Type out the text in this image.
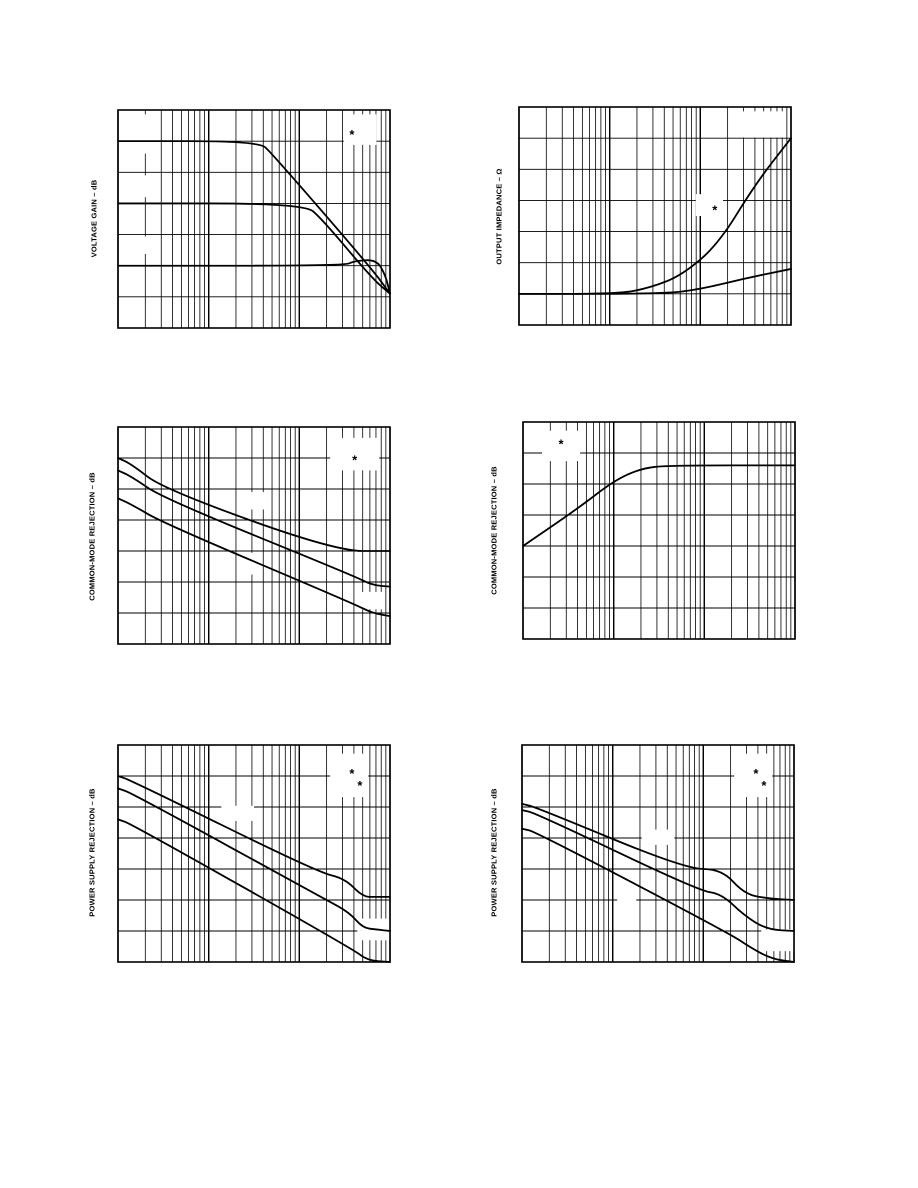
VOLTAGE GAIN – dB
*
OUTPUT IMPEDANCE – Ω	*
COMMON-MODE REJECTION – dB
*
COMMON-MODE REJECTION – dB
*
POWER SUPPLY REJECTION – dB
*
*
POWER SUPPLY REJECTION – dB
*
*
